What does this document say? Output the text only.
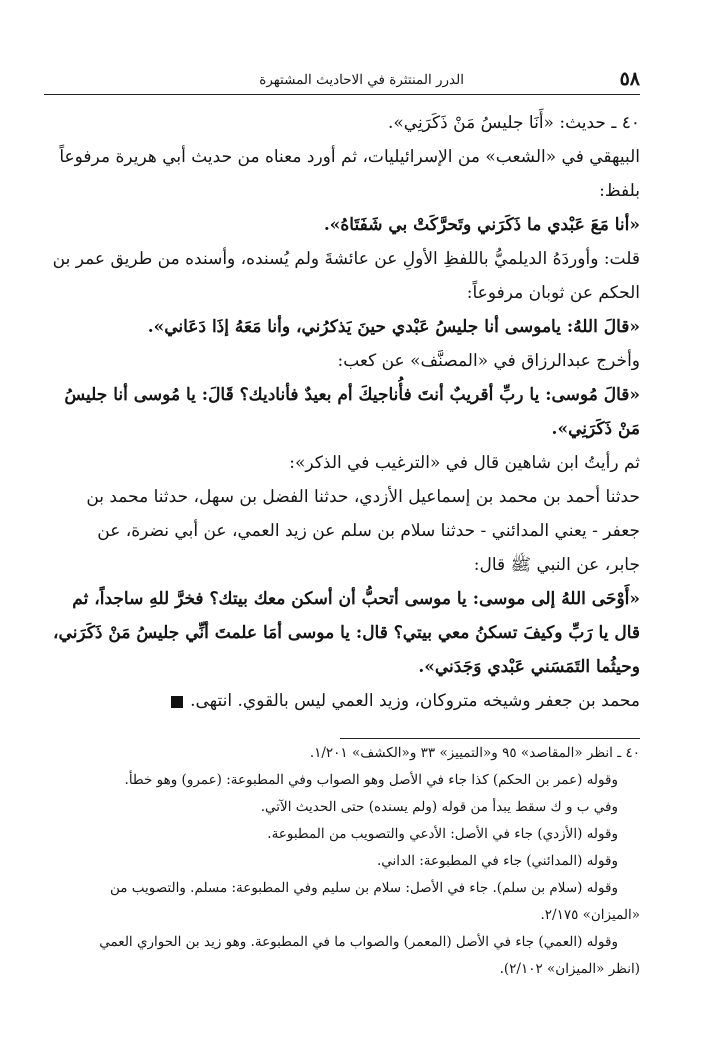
٥٨
الدرر المنتثرة في الاحاديث المشتهرة

٤٠ ـ حديث: «أَنَا جليسُ مَنْ ذَكَرَنِي».

البيهقي في «الشعب» من الإسرائيليات، ثم أورد معناه من حديث أبي هريرة مرفوعاً

بلفظ:

«أنا مَعَ عَبْدي ما ذَكَرَني وتَحرَّكَتْ بي شَفَتَاهُ».

قلت: وأوردَهُ الديلميُّ باللفظِ الأولِ عن عائشةَ ولم يُسنده، وأسنده من طريق عمر بن

الحكم عن ثوبان مرفوعاً:

«قالَ اللهُ: ياموسى أنا جليسُ عَبْدي حينَ يَذكرُني، وأنا مَعَهُ إذَا دَعَاني».

وأخرج عبدالرزاق في «المصنَّف» عن كعب:

«قالَ مُوسى: يا ربِّ أقريبٌ أنتَ فأُناجيكَ أم بعيدٌ فأناديك؟ قَالَ: يا مُوسى أنا جليسُ

مَنْ ذَكَرَنِي».

ثم رأيتُ ابن شاهين قال في «الترغيب في الذكر»:

حدثنا أحمد بن محمد بن إسماعيل الأزدي، حدثنا الفضل بن سهل، حدثنا محمد بن

جعفر - يعني المدائني - حدثنا سلام بن سلم عن زيد العمي، عن أبي نضرة، عن

جابر، عن النبي ﷺ قال:

«أَوْحَى اللهُ إلى موسى: يا موسى أتحبُّ أن أسكن معك بيتك؟ فخرَّ للهِ ساجداً، ثم

قال يا رَبِّ وكيفَ تسكنُ معي بيتي؟ قال: يا موسى أمَا علمتَ أنِّي جليسُ مَنْ ذَكَرَني،

وحيثُما التَمَسَني عَبْدي وَجَدَني».

محمد بن جعفر وشيخه متروكان، وزيد العمي ليس بالقوي. انتهى.

٤٠ ـ انظر «المقاصد» ٩٥ و«التمييز» ٣٣ و«الكشف» ١/٢٠١.

وقوله (عمر بن الحكم) كذا جاء في الأصل وهو الصواب وفي المطبوعة: (عمرو) وهو خطأ.

وفي ب و ك سقط يبدأ من قوله (ولم يسنده) حتى الحديث الآتي.

وقوله (الأزدي) جاء في الأصل: الأدعي والتصويب من المطبوعة.

وقوله (المدائني) جاء في المطبوعة: الداني.

وقوله (سلام بن سلم). جاء في الأصل: سلام بن سليم وفي المطبوعة: مسلم. والتصويب من

«الميزان» ٢/١٧٥.

وقوله (العمي) جاء في الأصل (المعمر) والصواب ما في المطبوعة. وهو زيد بن الحواري العمي

(انظر «الميزان» ٢/١٠٢).
